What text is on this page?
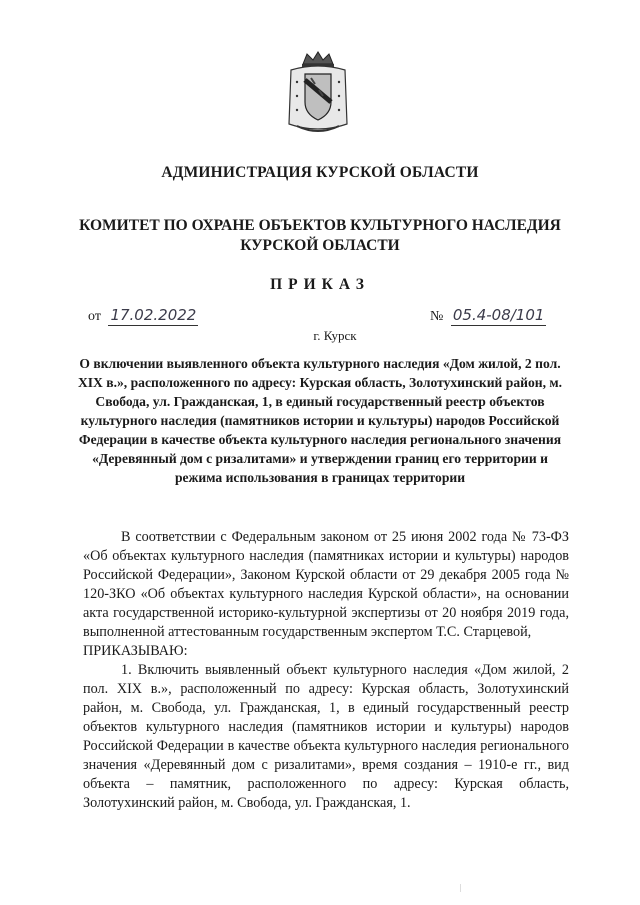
АДМИНИСТРАЦИЯ КУРСКОЙ ОБЛАСТИ
КОМИТЕТ ПО ОХРАНЕ ОБЪЕКТОВ КУЛЬТУРНОГО НАСЛЕДИЯ
КУРСКОЙ ОБЛАСТИ
ПРИКАЗ
от 17.02.2022	№ 05.4-08/101
г. Курск
О включении выявленного объекта культурного наследия «Дом жилой, 2 пол. XIX в.», расположенного по адресу: Курская область, Золотухинский район, м. Свобода, ул. Гражданская, 1, в единый государственный реестр объектов культурного наследия (памятников истории и культуры) народов Российской Федерации в качестве объекта культурного наследия регионального значения «Деревянный дом с ризалитами» и утверждении границ его территории и режима использования в границах территории

В соответствии с Федеральным законом от 25 июня 2002 года № 73-ФЗ «Об объектах культурного наследия (памятниках истории и культуры) народов Российской Федерации», Законом Курской области от 29 декабря 2005 года № 120-ЗКО «Об объектах культурного наследия Курской области», на основании акта государственной историко-культурной экспертизы от 20 ноября 2019 года, выполненной аттестованным государственным экспертом Т.С. Старцевой,

ПРИКАЗЫВАЮ:

1. Включить выявленный объект культурного наследия «Дом жилой, 2 пол. XIX в.», расположенный по адресу: Курская область, Золотухинский район, м. Свобода, ул. Гражданская, 1, в единый государственный реестр объектов культурного наследия (памятников истории и культуры) народов Российской Федерации в качестве объекта культурного наследия регионального значения «Деревянный дом с ризалитами», время создания – 1910-е гг., вид объекта – памятник, расположенного по адресу: Курская область, Золотухинский район, м. Свобода, ул. Гражданская, 1.
